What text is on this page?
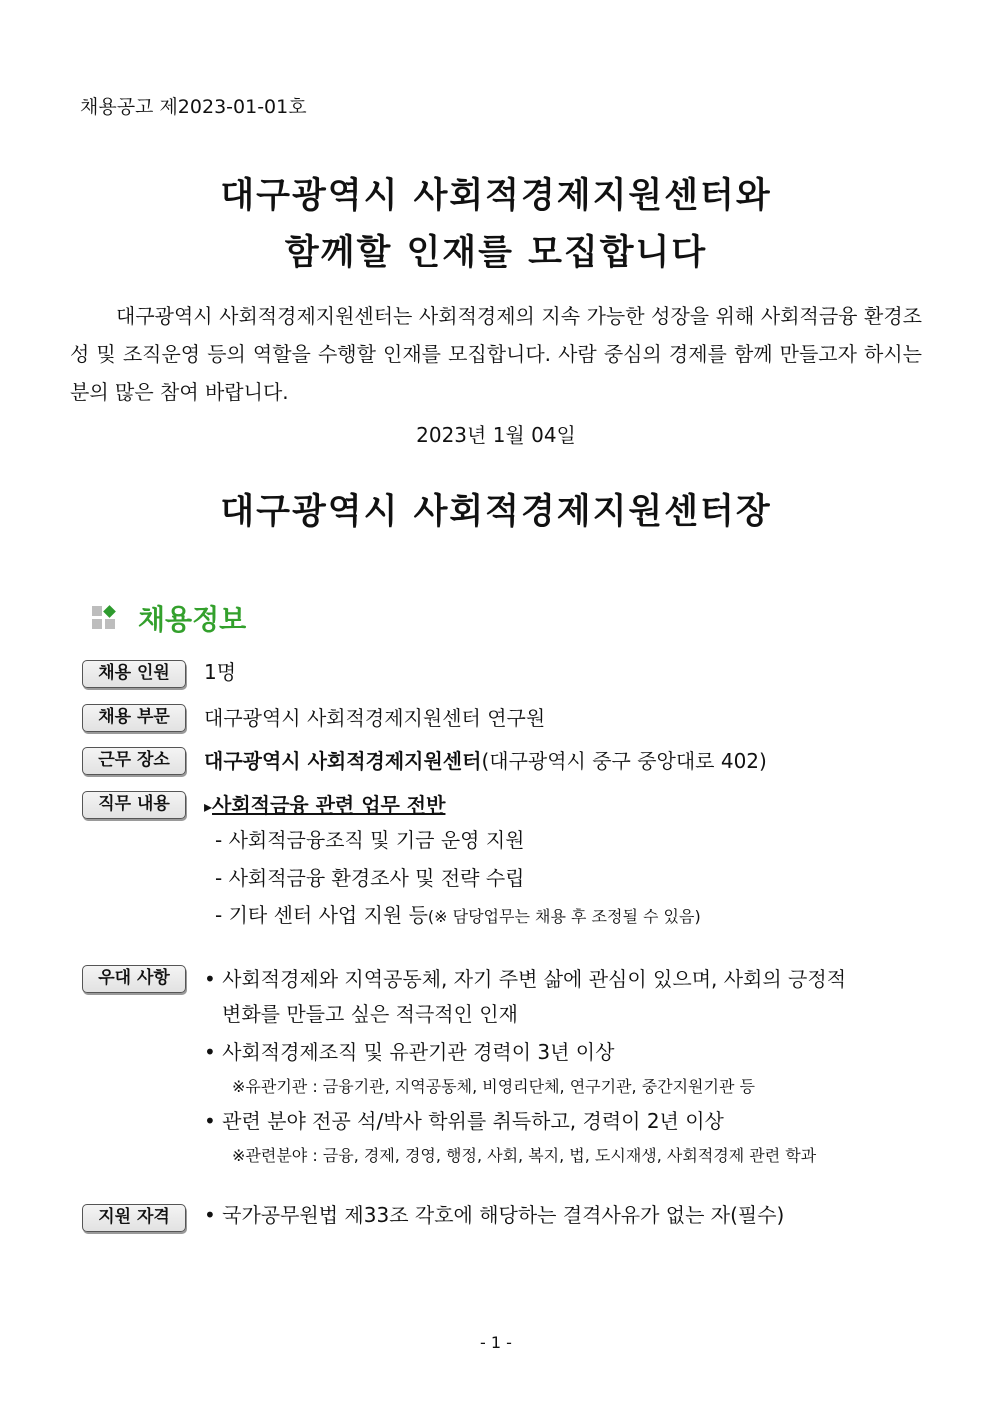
채용공고 제2023-01-01호
대구광역시 사회적경제지원센터와
함께할 인재를 모집합니다
대구광역시 사회적경제지원센터는 사회적경제의 지속 가능한 성장을 위해 사회적금융 환경조성 및 조직운영 등의 역할을 수행할 인재를 모집합니다. 사람 중심의 경제를 함께 만들고자 하시는 분의 많은 참여 바랍니다.
2023년 1월 04일
대구광역시 사회적경제지원센터장
채용정보
채용 인원	1명
채용 부문	대구광역시 사회적경제지원센터 연구원
근무 장소	대구광역시 사회적경제지원센터(대구광역시 중구 중앙대로 402)
직무 내용	▸사회적금융 관련 업무 전반
- 사회적금융조직 및 기금 운영 지원
- 사회적금융 환경조사 및 전략 수립
- 기타 센터 사업 지원 등(※ 담당업무는 채용 후 조정될 수 있음)
우대 사항	• 사회적경제와 지역공동체, 자기 주변 삶에 관심이 있으며, 사회의 긍정적
변화를 만들고 싶은 적극적인 인재
• 사회적경제조직 및 유관기관 경력이 3년 이상
※유관기관 : 금융기관, 지역공동체, 비영리단체, 연구기관, 중간지원기관 등
• 관련 분야 전공 석/박사 학위를 취득하고, 경력이 2년 이상
※관련분야 : 금융, 경제, 경영, 행정, 사회, 복지, 법, 도시재생, 사회적경제 관련 학과
지원 자격	• 국가공무원법 제33조 각호에 해당하는 결격사유가 없는 자(필수)
- 1 -
